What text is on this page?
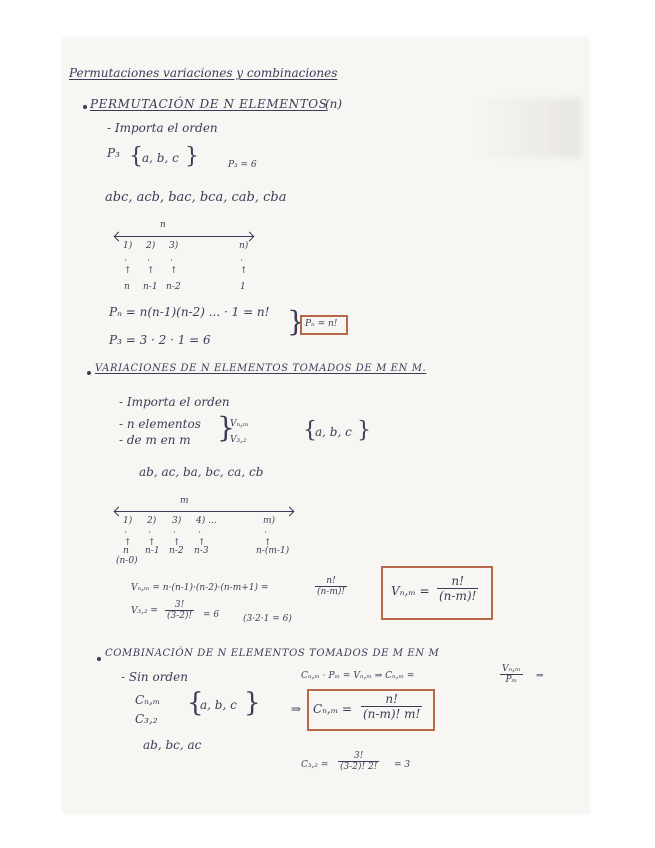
Permutaciones variaciones y combinaciones
PERMUTACIÓN DE N ELEMENTOS
(n)
- Importa el orden
P₃ { a, b, c }	P₃ = 6
abc, acb, bac, bca, cab, cba
n
1) 2) 3)	n)
⋅
↑
⋅
↑
⋅
↑
⋅
↑
n n-1 n-2	1
Pₙ = n(n-1)(n-2) ... · 1 = n!
P₃ = 3 · 2 · 1 = 6
} Pₙ = n!
VARIACIONES DE N ELEMENTOS TOMADOS DE M EN M.
- Importa el orden
- n elementos
- de m en m }
Vₙ,ₘ
V₃,₂	{
a, b, c }
ab, ac, ba, bc, ca, cb
m
1) 2) 3) 4) ...	m)
⋅
↑
⋅
↑
⋅
↑
⋅
↑
⋅
↑
n n-1 n-2 n-3	n-(m-1)
(n-0)
Vₙ,ₘ = n·(n-1)·(n-2)·(n-m+1) =	$\frac{n!}{(n-m)!}$
$V_3,_2 = \frac{3!}{(3-2)!} = 6$	(3·2·1 = 6)
$V_n,_m = \frac{n!}{(n-m)!}$
COMBINACIÓN DE N ELEMENTOS TOMADOS DE M EN M
- Sin orden
Cₙ,ₘ
C₃,₂
{
a, b, c }
ab, bc, ac
Cₙ,ₘ · Pₘ = Vₙ,ₘ ⇒ Cₙ,ₘ =	$\frac{\text{Vₙ,ₘ}}{\text{Pₘ}}$ ⇒
⇒ $C_n,_m = \frac{n!}{(n-m)! m!}$
$C_3,_2 = \frac{3!}{(3-2)! 2!} = 3$
